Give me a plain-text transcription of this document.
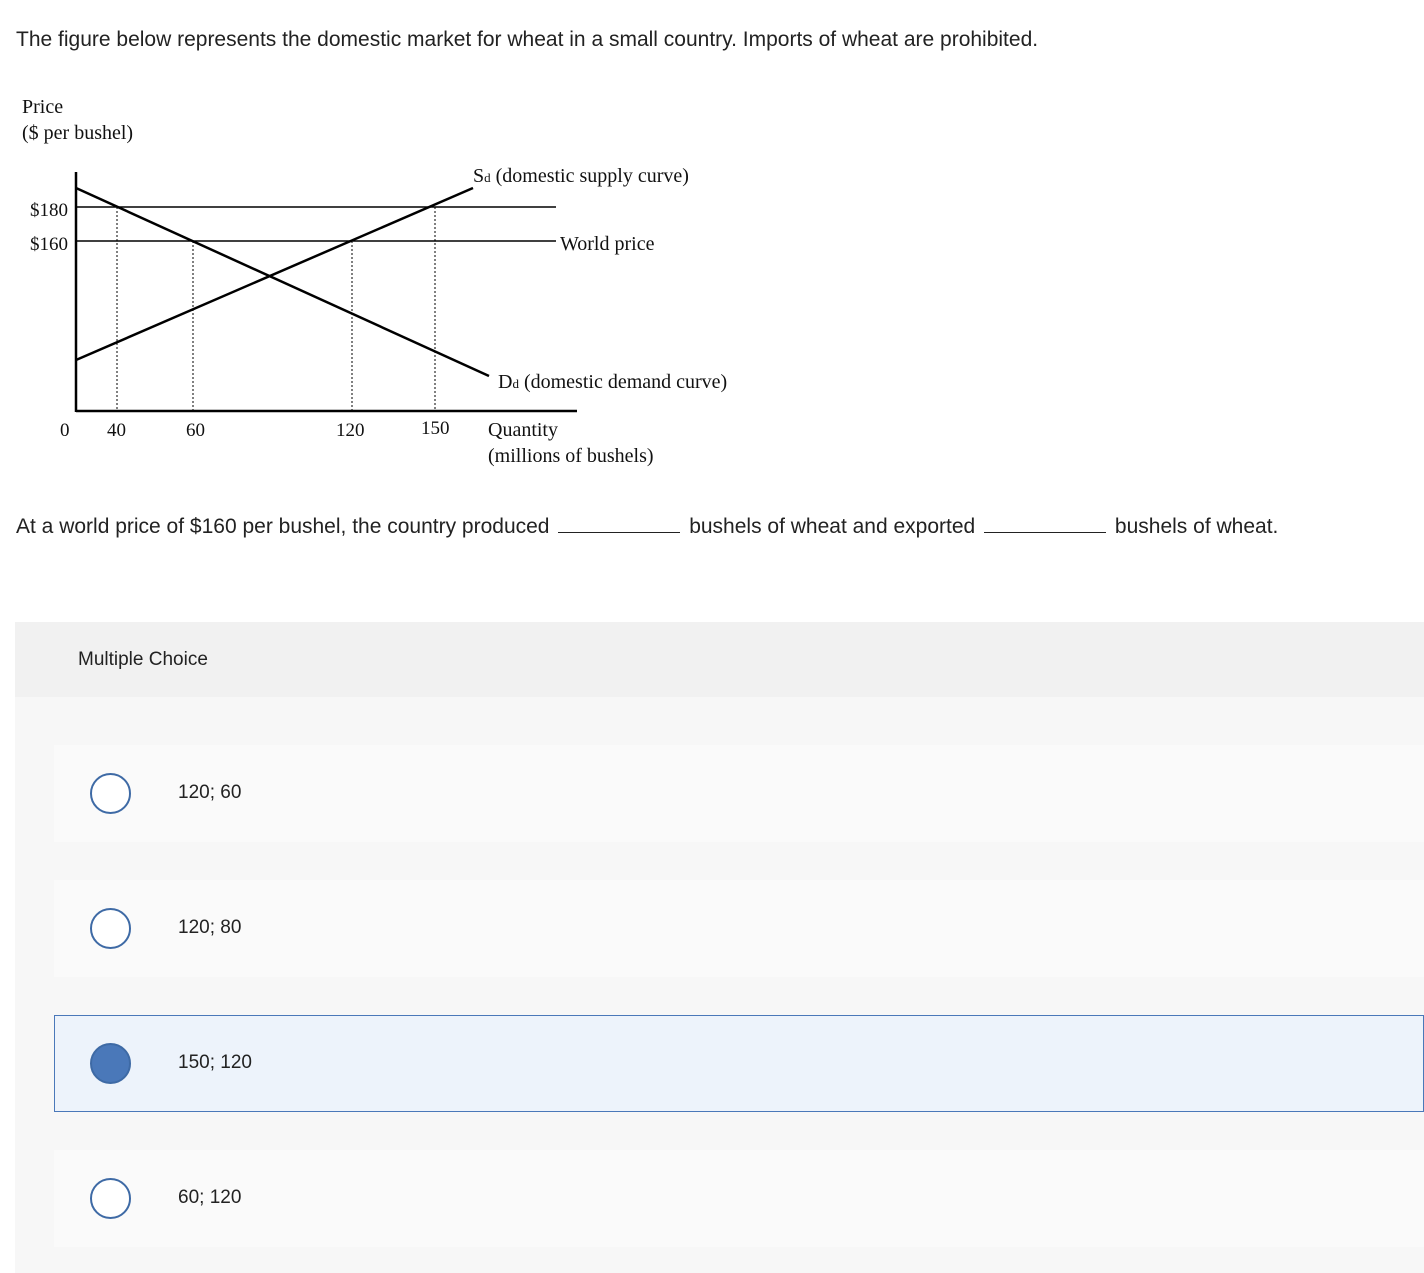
The figure below represents the domestic market for wheat in a small country. Imports of wheat are prohibited.

Price
($ per bushel)
$180
$160
0 40	60	120	150
Sd (domestic supply curve)
World price
Dd (domestic demand curve)
Quantity
(millions of bushels)

At a world price of $160 per bushel, the country produced	bushels of wheat and exported	bushels of wheat.

Multiple Choice
120; 60
120; 80
150; 120
60; 120
